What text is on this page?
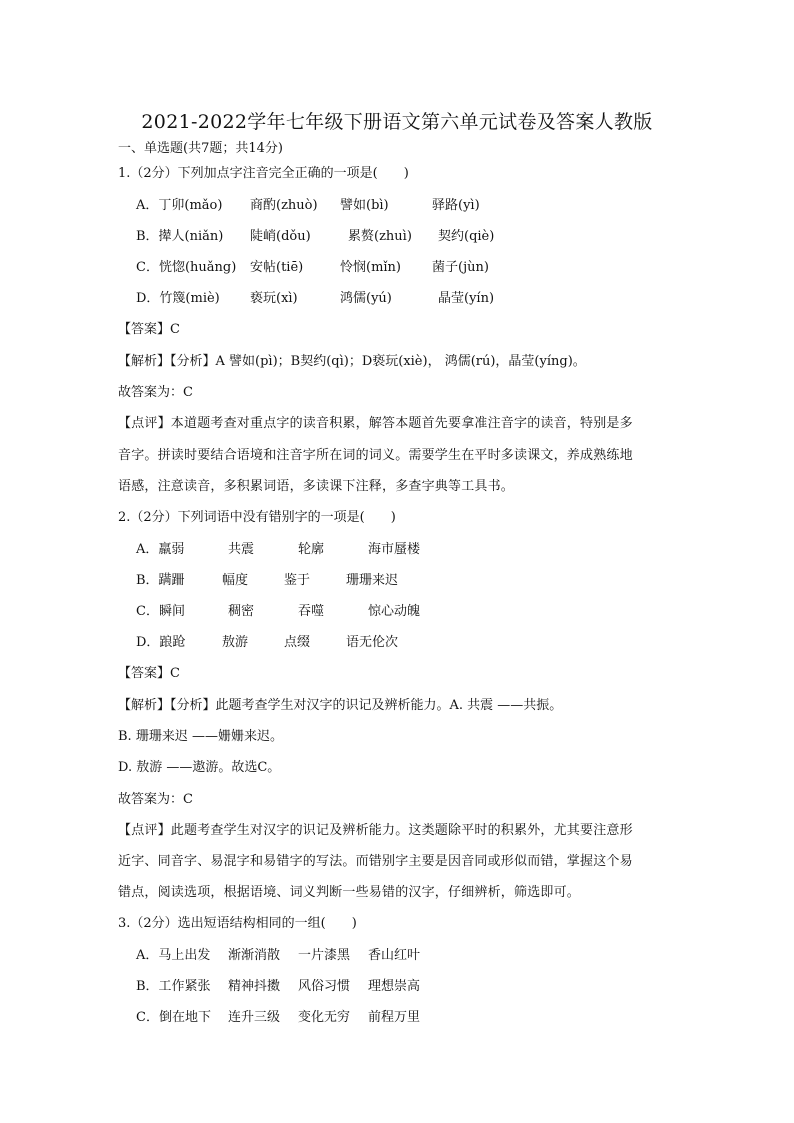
2021-2022学年七年级下册语文第六单元试卷及答案人教版
一、单选题(共7题；共14分)
1.（2分）下列加点字注音完全正确的一项是(　　)
A．丁卯(mǎo) 商酌(zhuò) 譬如(bì)	驿路(yì)
B．撵人(niǎn) 陡峭(dǒu)	累赘(zhuì) 契约(qiè)
C．恍惚(huǎng) 安帖(tiē)	怜悯(mǐn) 菌子(jùn)
D．竹篾(miè) 亵玩(xì)	鸿儒(yú)	晶莹(yín)
【答案】C
【解析】【分析】A 譬如(pì)；B契约(qì)；D亵玩(xiè)， 鸿儒(rú)，晶莹(yíng)。
故答案为：C
【点评】本道题考查对重点字的读音积累，解答本题首先要拿准注音字的读音，特别是多
音字。拼读时要结合语境和注音字所在词的词义。需要学生在平时多读课文，养成熟练地
语感，注意读音，多积累词语，多读课下注释，多查字典等工具书。
2.（2分）下列词语中没有错别字的一项是(　　)
A．羸弱	共震	轮廓	海市蜃楼
B．蹒跚	幅度	鉴于	珊珊来迟
C．瞬间	稠密	吞噬	惊心动魄
D．踉跄	敖游	点缀	语无伦次
【答案】C
【解析】【分析】此题考查学生对汉字的识记及辨析能力。A. 共震 ——共振。
B. 珊珊来迟 ——姗姗来迟。
D. 敖游 ——遨游。故选C。
故答案为：C
【点评】此题考查学生对汉字的识记及辨析能力。这类题除平时的积累外，尤其要注意形
近字、同音字、易混字和易错字的写法。而错别字主要是因音同或形似而错，掌握这个易
错点，阅读选项，根据语境、词义判断一些易错的汉字，仔细辨析，筛选即可。
3.（2分）选出短语结构相同的一组(　　)
A．马上出发 渐渐消散 一片漆黑 香山红叶
B．工作紧张 精神抖擞 风俗习惯 理想崇高
C．倒在地下 连升三级 变化无穷 前程万里
